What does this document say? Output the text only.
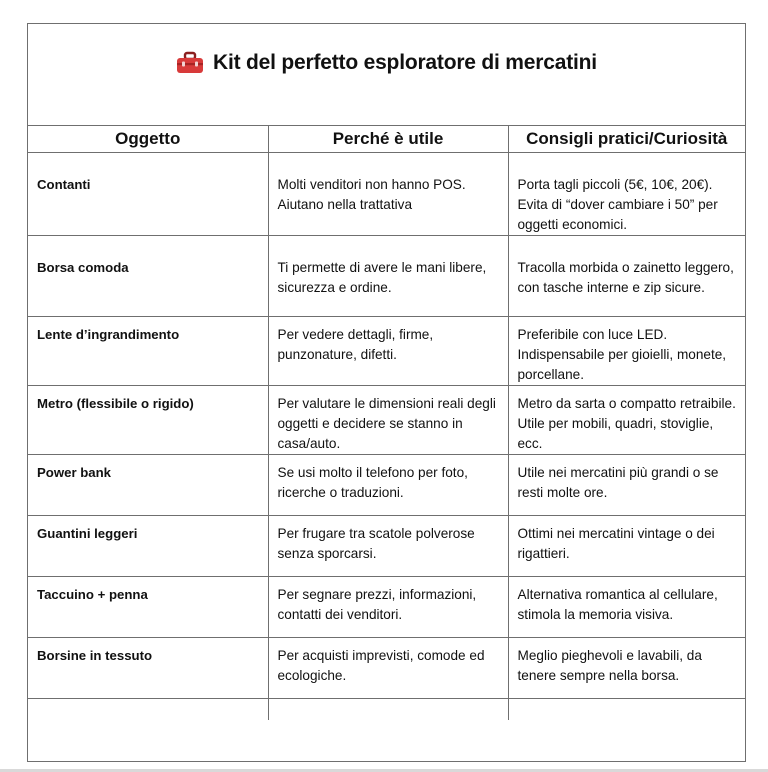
Kit del perfetto esploratore di mercatini
Oggetto	Perché è utile	Consigli pratici/Curiosità

Contanti	Molti venditori non hanno POS. Aiutano nella trattativa	Porta tagli piccoli (5€, 10€, 20€). Evita di “dover cambiare i 50” per oggetti economici.

Borsa comoda	Ti permette di avere le mani libere, sicurezza e ordine.	Tracolla morbida o zainetto leggero, con tasche interne e zip sicure.

Lente d’ingrandimento	Per vedere dettagli, firme, punzonature, difetti.	Preferibile con luce LED. Indispensabile per gioielli, monete, porcellane.

Metro (flessibile o rigido)	Per valutare le dimensioni reali degli oggetti e decidere se stanno in casa/auto.	Metro da sarta o compatto retraibile. Utile per mobili, quadri, stoviglie, ecc.

Power bank	Se usi molto il telefono per foto, ricerche o traduzioni.	Utile nei mercatini più grandi o se resti molte ore.

Guantini leggeri	Per frugare tra scatole polverose senza sporcarsi.	Ottimi nei mercatini vintage o dei rigattieri.

Taccuino + penna	Per segnare prezzi, informazioni, contatti dei venditori.	Alternativa romantica al cellulare, stimola la memoria visiva.

Borsine in tessuto	Per acquisti imprevisti, comode ed ecologiche.	Meglio pieghevoli e lavabili, da tenere sempre nella borsa.
